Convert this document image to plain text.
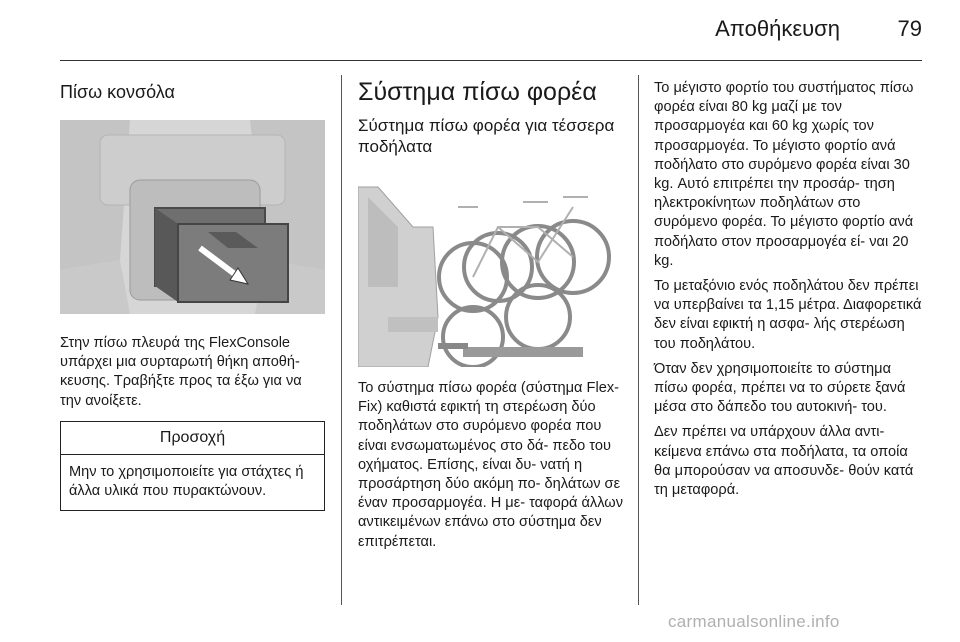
Αποθήκευση	79
Πίσω κονσόλα

Στην πίσω πλευρά της FlexConsole υπάρχει μια συρταρωτή θήκη αποθή- κευσης. Τραβήξτε προς τα έξω για να την ανοίξετε.

Προσοχή
Μην το χρησιμοποιείτε για στάχτες ή άλλα υλικά που πυρακτώνουν.
Σύστημα πίσω φορέα
Σύστημα πίσω φορέα για τέσσερα ποδήλατα

Το σύστημα πίσω φορέα (σύστημα Flex-Fix) καθιστά εφικτή τη στερέωση δύο ποδηλάτων στο συρόμενο φορέα που είναι ενσωματωμένος στο δά- πεδο του οχήματος. Επίσης, είναι δυ- νατή η προσάρτηση δύο ακόμη πο- δηλάτων σε έναν προσαρμογέα. Η με- ταφορά άλλων αντικειμένων επάνω στο σύστημα δεν επιτρέπεται.

Το μέγιστο φορτίο του συστήματος πίσω φορέα είναι 80 kg μαζί με τον προσαρμογέα και 60 kg χωρίς τον προσαρμογέα. Το μέγιστο φορτίο ανά ποδήλατο στο συρόμενο φορέα είναι 30 kg. Αυτό επιτρέπει την προσάρ- τηση ηλεκτροκίνητων ποδηλάτων στο συρόμενο φορέα. Το μέγιστο φορτίο ανά ποδήλατο στον προσαρμογέα εί- ναι 20 kg.

Το μεταξόνιο ενός ποδηλάτου δεν πρέπει να υπερβαίνει τα 1,15 μέτρα. Διαφορετικά δεν είναι εφικτή η ασφα- λής στερέωση του ποδηλάτου.

Όταν δεν χρησιμοποιείτε το σύστημα πίσω φορέα, πρέπει να το σύρετε ξανά μέσα στο δάπεδο του αυτοκινή- του.

Δεν πρέπει να υπάρχουν άλλα αντι- κείμενα επάνω στα ποδήλατα, τα οποία θα μπορούσαν να αποσυνδε- θούν κατά τη μεταφορά.

carmanualsonline.info
